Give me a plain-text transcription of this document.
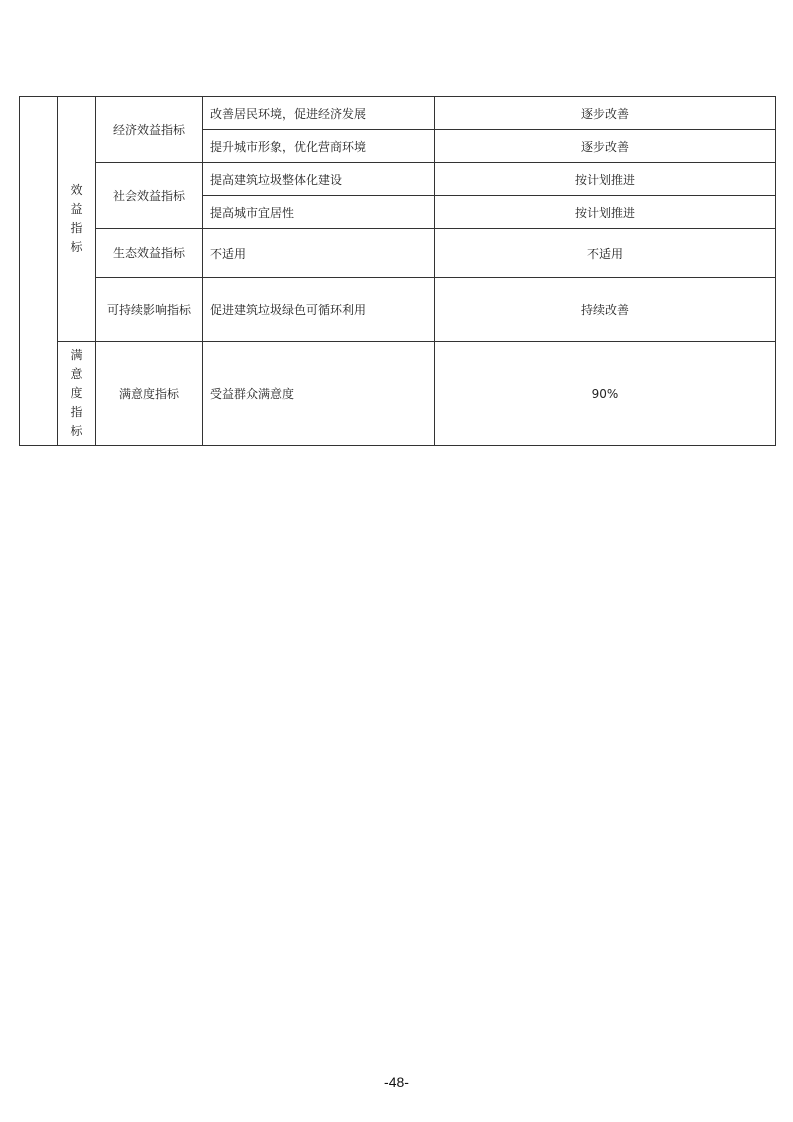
	效益指标	经济效益指标	改善居民环境，促进经济发展	逐步改善
			提升城市形象，优化营商环境	逐步改善
		社会效益指标	提高建筑垃圾整体化建设	按计划推进
			提高城市宜居性	按计划推进
		生态效益指标	不适用	不适用
		可持续影响指标	促进建筑垃圾绿色可循环利用	持续改善
	满意度指标	满意度指标	受益群众满意度	90%
-48-
